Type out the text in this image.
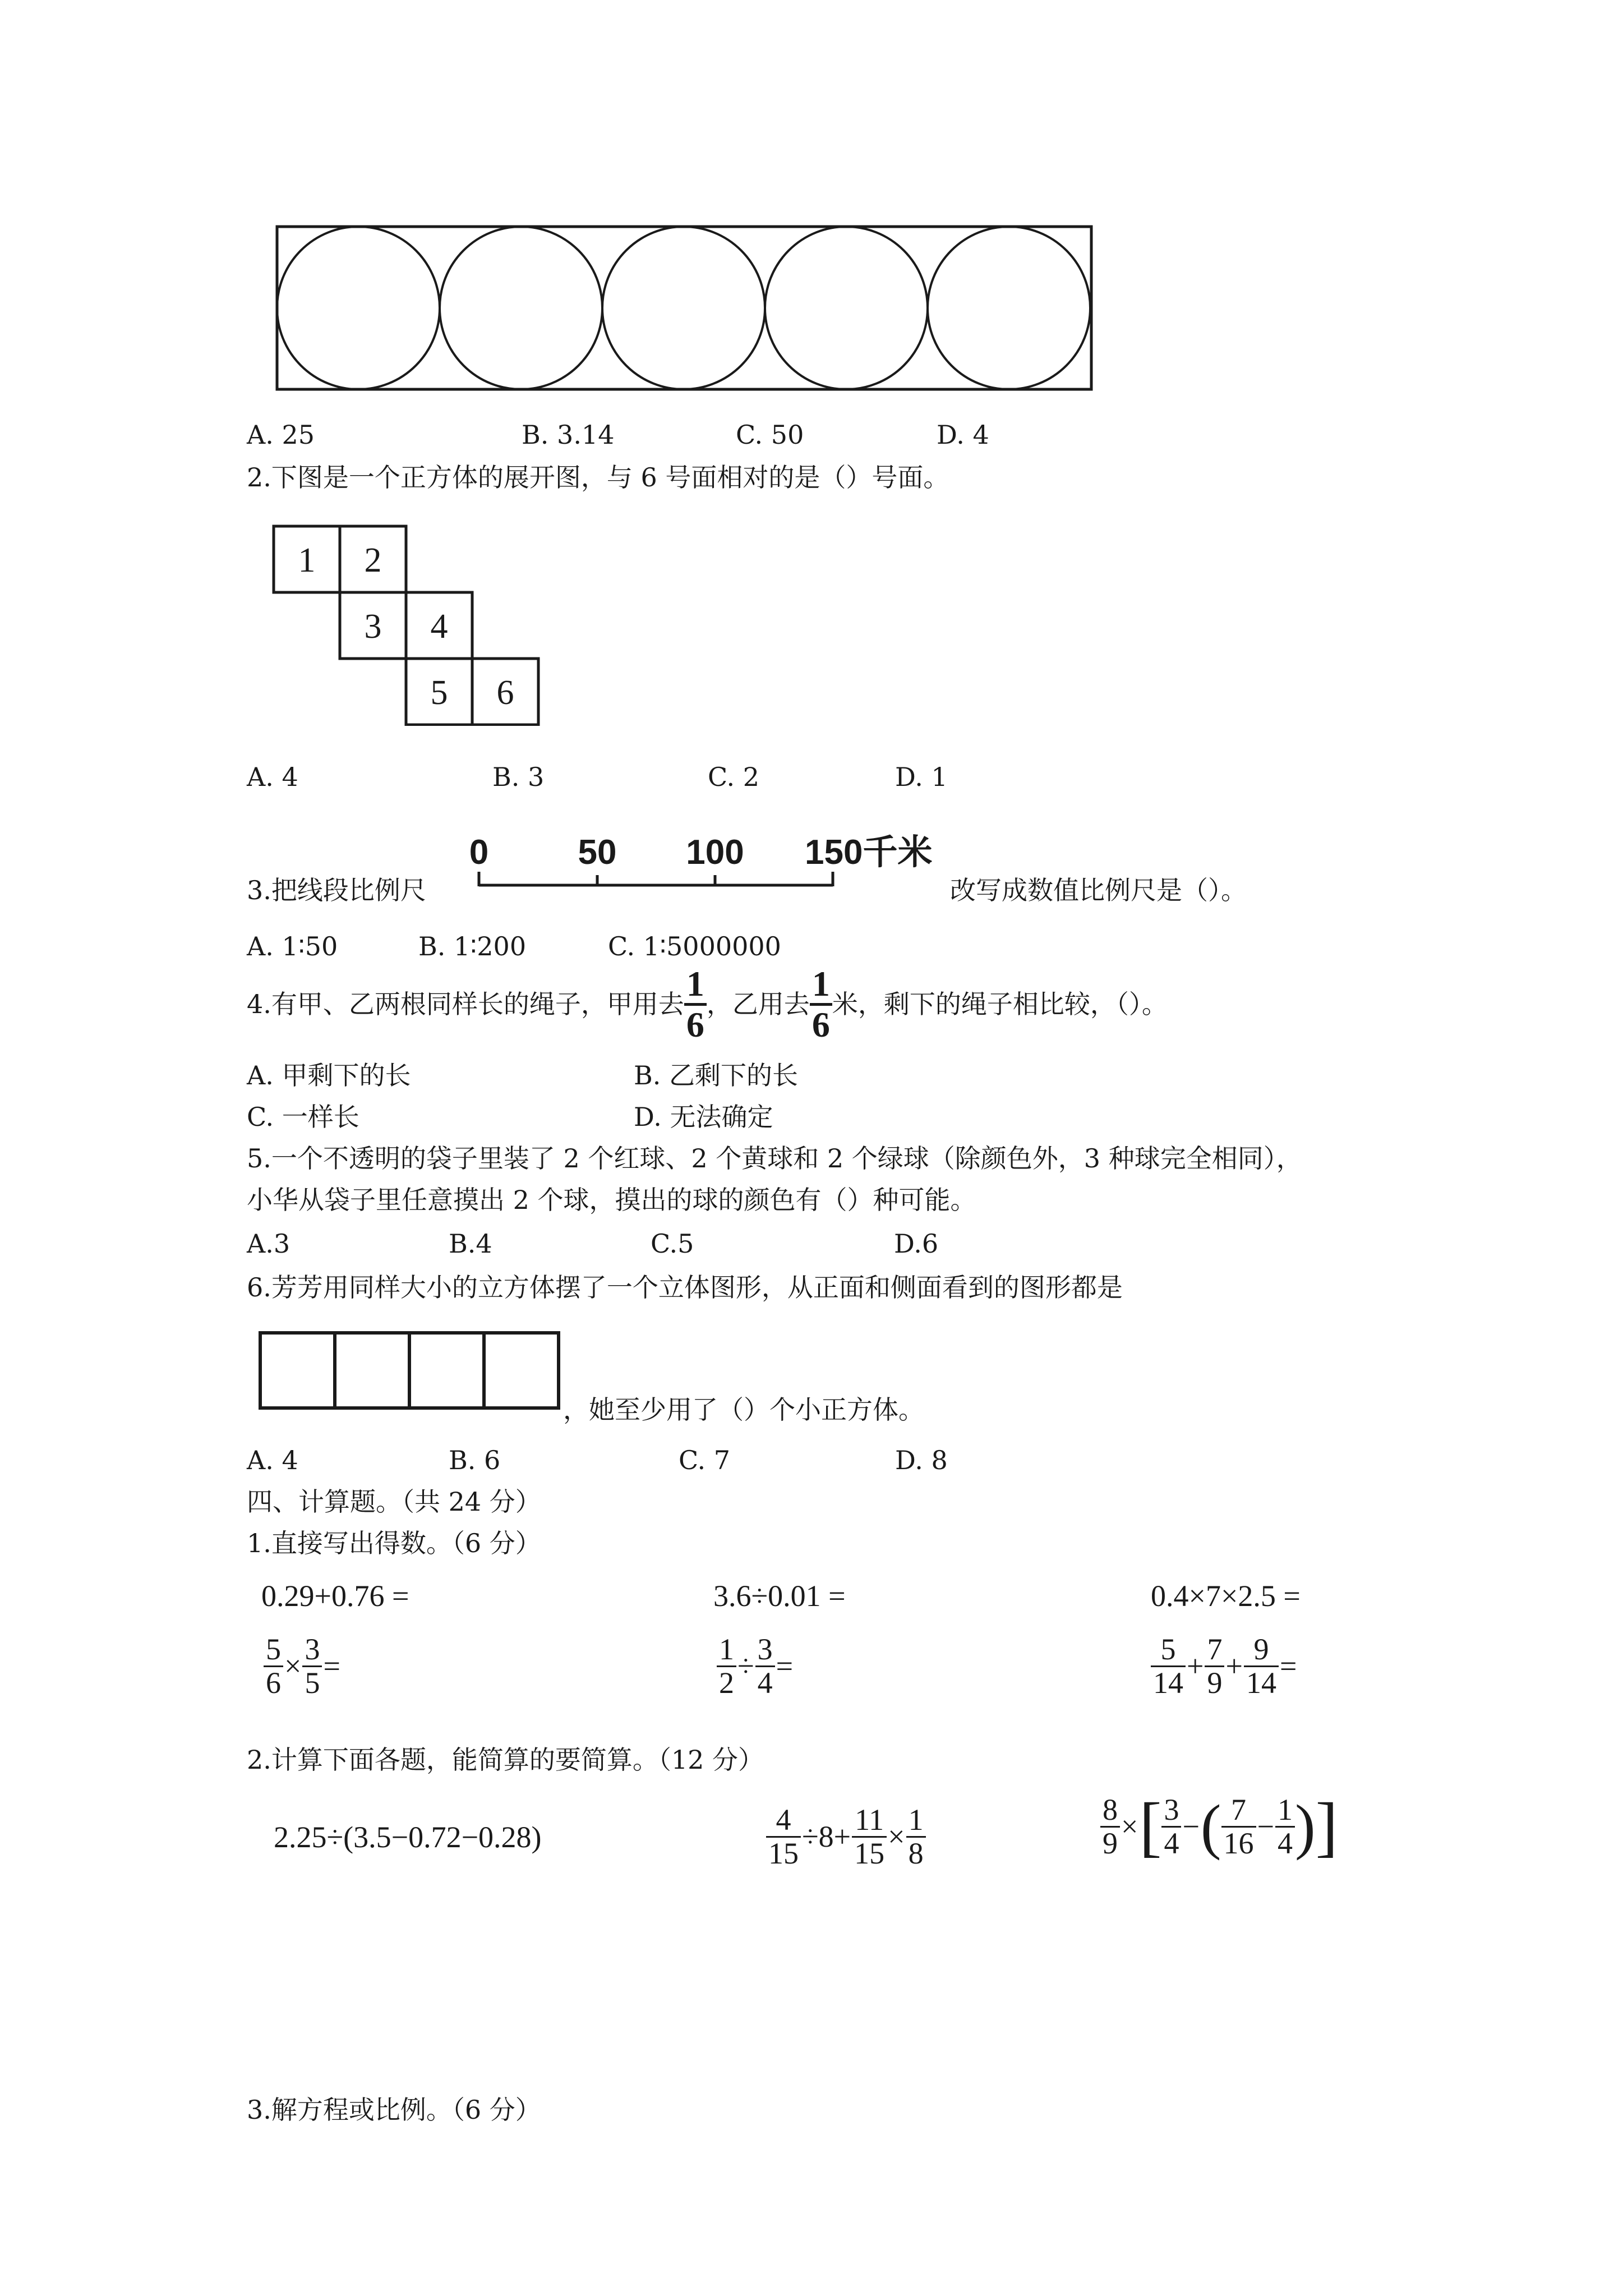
A. 25	B. 3.14	C. 50	D. 4
2.下图是一个正方体的展开图，与 6 号面相对的是（）号面。
1 2
3 4
5 6
A. 4	B. 3	C. 2	D. 1
3.把线段比例尺
0	50 100 150千米
改写成数值比例尺是（）。
A. 1∶50	B. 1∶200	C. 1∶5000000
4.有甲、乙两根同样长的绳子，甲用去 $\frac{1}{6}$ ，乙用去 $\frac{1}{6}$ 米，剩下的绳子相比较，（）。
A. 甲剩下的长	B. 乙剩下的长
C. 一样长	D. 无法确定
5.一个不透明的袋子里装了 2 个红球、2 个黄球和 2 个绿球（除颜色外，3 种球完全相同），
小华从袋子里任意摸出 2 个球，摸出的球的颜色有（）种可能。
A.3	B.4	C.5	D.6
6.芳芳用同样大小的立方体摆了一个立体图形，从正面和侧面看到的图形都是
，她至少用了（）个小正方体。
A. 4	B. 6	C. 7	D. 8
四、计算题。（共 24 分）
1.直接写出得数。（6 分）
0.29+0.76 =	3.6÷0.01 =	0.4×7×2.5 =
$\frac{5}{6} \times \frac{3}{5}$ =	$\frac{1}{2} \div \frac{3}{4}$ =	$\frac{5}{14} + \frac{7}{9} + \frac{9}{14}$ =
2.计算下面各题，能简算的要简算。（12 分）
2.25÷(3.5−0.72−0.28)	$\frac{4}{15} \div 8+ \frac{11}{15} \times \frac{1}{8}$	$\frac{8}{9}$ × [ $\frac{3}{4}$ − ( $\frac{7}{16} - \frac{1}{4}$ ) ]
3.解方程或比例。（6 分）
